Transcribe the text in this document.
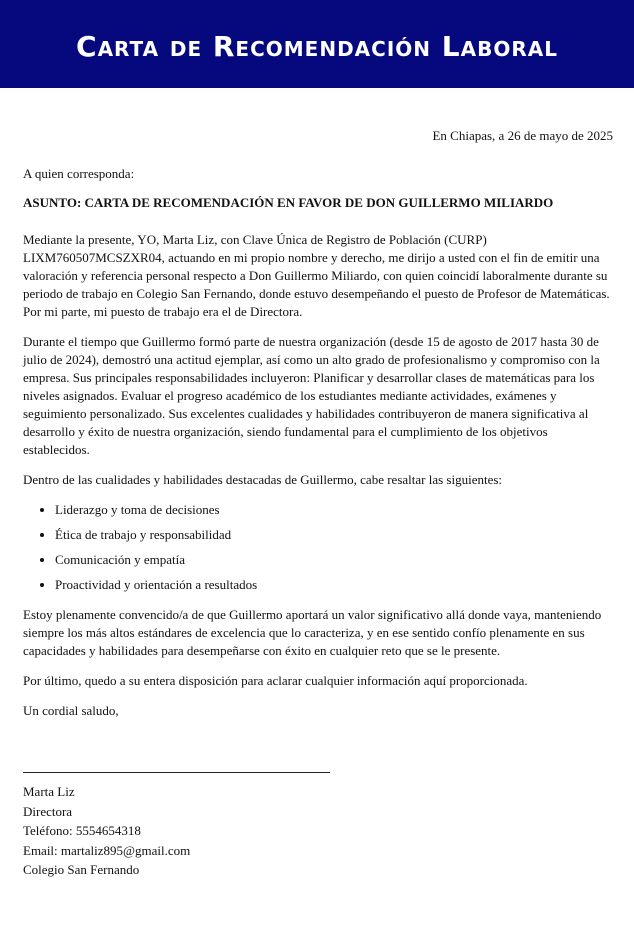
Carta de Recomendación Laboral
En Chiapas, a 26 de mayo de 2025
A quien corresponda:
ASUNTO: CARTA DE RECOMENDACIÓN EN FAVOR DE DON GUILLERMO MILIARDO

Mediante la presente, YO, Marta Liz, con Clave Única de Registro de Población (CURP) LIXM760507MCSZXR04, actuando en mi propio nombre y derecho, me dirijo a usted con el fin de emitir una valoración y referencia personal respecto a Don Guillermo Miliardo, con quien coincidí laboralmente durante su periodo de trabajo en Colegio San Fernando, donde estuvo desempeñando el puesto de Profesor de Matemáticas. Por mi parte, mi puesto de trabajo era el de Directora.

Durante el tiempo que Guillermo formó parte de nuestra organización (desde 15 de agosto de 2017 hasta 30 de julio de 2024), demostró una actitud ejemplar, así como un alto grado de profesionalismo y compromiso con la empresa. Sus principales responsabilidades incluyeron: Planificar y desarrollar clases de matemáticas para los niveles asignados. Evaluar el progreso académico de los estudiantes mediante actividades, exámenes y seguimiento personalizado. Sus excelentes cualidades y habilidades contribuyeron de manera significativa al desarrollo y éxito de nuestra organización, siendo fundamental para el cumplimiento de los objetivos establecidos.

Dentro de las cualidades y habilidades destacadas de Guillermo, cabe resaltar las siguientes:

• Liderazgo y toma de decisiones
• Ética de trabajo y responsabilidad
• Comunicación y empatía
• Proactividad y orientación a resultados

Estoy plenamente convencido/a de que Guillermo aportará un valor significativo allá donde vaya, manteniendo siempre los más altos estándares de excelencia que lo caracteriza, y en ese sentido confío plenamente en sus capacidades y habilidades para desempeñarse con éxito en cualquier reto que se le presente.

Por último, quedo a su entera disposición para aclarar cualquier información aquí proporcionada.

Un cordial saludo,
Marta Liz
Directora
Teléfono: 5554654318
Email: martaliz895@gmail.com
Colegio San Fernando
